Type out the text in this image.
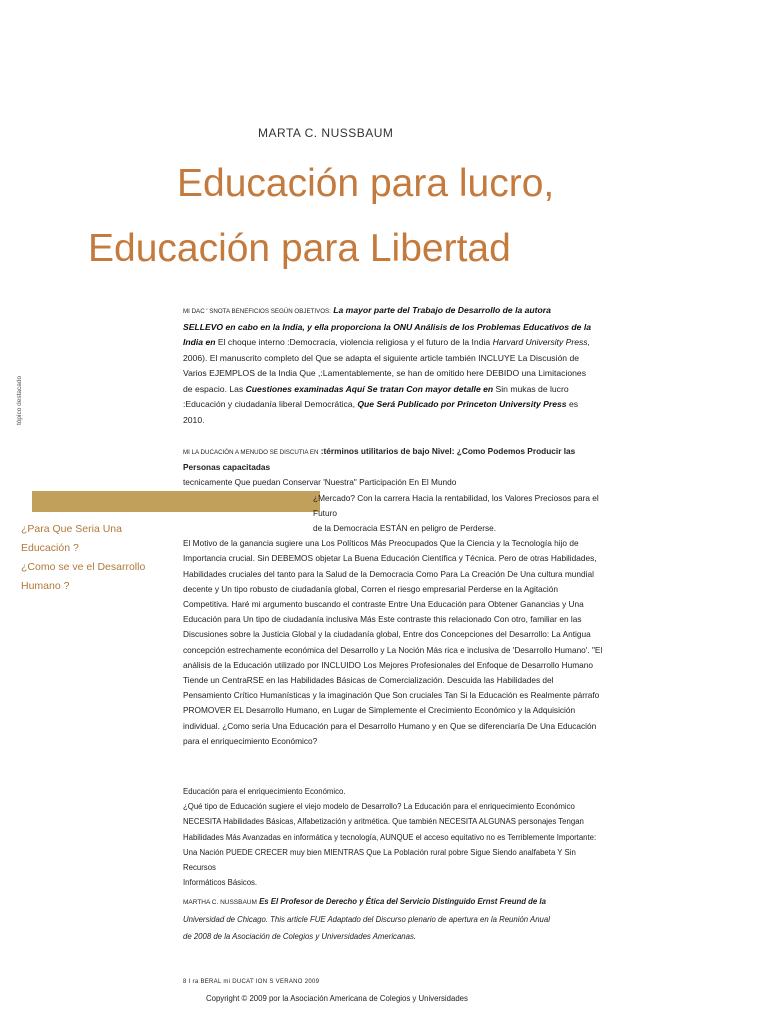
MARTA C. NUSSBAUM
Educación para lucro,
Educación para Libertad
MI DAC ' SNOTA BENEFICIOS SEGÚN OBJETIVOS: La mayor parte del Trabajo de Desarrollo de la autora SELLEVO en cabo en la India, y ella proporciona la ONU Análisis de los Problemas Educativos de la India en El choque interno :Democracia, violencia religiosa y el futuro de la India Harvard University Press,
2006). El manuscrito completo del Que se adapta el siguiente article también INCLUYE La Discusión de Varios EJEMPLOS de la India Que ,:Lamentablemente, se han de omitido here DEBIDO una Limitaciones de espacio. Las Cuestiones examinadas Aquí Se tratan Con mayor detalle en Sin mukas de lucro :Educación y ciudadanía liberal Democrática, Que Será Publicado por Princeton University Press es 2010.
tópico destacado
¿Para Que Seria Una
Educación ?
¿Como se ve el Desarrollo
Humano ?
MI LA DUCACIÓN A MENUDO SE DISCUTIA EN :términos utilitarios de bajo Nivel: ¿Como Podemos Producir las Personas capacitadas
tecnicamente Que puedan Conservar 'Nuestra" Participación En El Mundo
¿Mercado? Con la carrera Hacia la rentabilidad, los Valores Preciosos para el Futuro
de la Democracia ESTÁN en peligro de Perderse.
El Motivo de la ganancia sugiere una Los Políticos Más Preocupados Que la Ciencia y la Tecnología hijo de Importancia crucial. Sin DEBEMOS objetar La Buena Educación Científica y Técnica. Pero de otras Habilidades, Habilidades cruciales del tanto para la Salud de la Democracia Como Para La Creación De Una cultura mundial decente y Un tipo robusto de ciudadanía global, Corren el riesgo empresarial Perderse en la Agitación Competitiva. Haré mi argumento buscando el contraste Entre Una Educación para Obtener Ganancias y Una Educación para Un tipo de ciudadanía inclusiva Más Este contraste this relacionado Con otro, familiar en las Discusiones sobre la Justicia Global y la ciudadanía global, Entre dos Concepciones del Desarrollo: La Antigua concepción estrechamente económica del Desarrollo y La Noción Más rica e inclusiva de 'Desarrollo Humano'. "El análisis de la Educación utilizado por INCLUIDO Los Mejores Profesionales del Enfoque de Desarrollo Humano Tiende un CentraRSE en las Habilidades Básicas de Comercialización. Descuida las Habilidades del Pensamiento Crítico Humanísticas y la imaginación Que Son cruciales Tan Si la Educación es Realmente párrafo PROMOVER EL Desarrollo Humano, en Lugar de Simplemente el Crecimiento Económico y la Adquisición individual. ¿Como seria Una Educación para el Desarrollo Humano y en Que se diferenciaría De Una Educación para el enriquecimiento Económico?
Educación para el enriquecimiento Económico.
¿Qué tipo de Educación sugiere el viejo modelo de Desarrollo? La Educación para el enriquecimiento Económico
NECESITA Habilidades Básicas, Alfabetización y aritmética. Que también NECESITA ALGUNAS personajes Tengan
Habilidades Más Avanzadas en informática y tecnología, AUNQUE el acceso equitativo no es Terriblemente Importante:
Una Nación PUEDE CRECER muy bien MIENTRAS Que La Población rural pobre Sigue Siendo analfabeta Y Sin Recursos
Informáticos Básicos.
MARTHA C. NUSSBAUM Es El Profesor de Derecho y Ética del Servicio Distinguido Ernst Freund de la
Universidad de Chicago. This article FUE Adaptado del Discurso plenario de apertura en la Reunión Anual
de 2008 de la Asociación de Colegios y Universidades Americanas.
8 I ra BERAL mi DUCAT ION S VERANO 2009
Copyright © 2009 por la Asociación Americana de Colegios y Universidades
